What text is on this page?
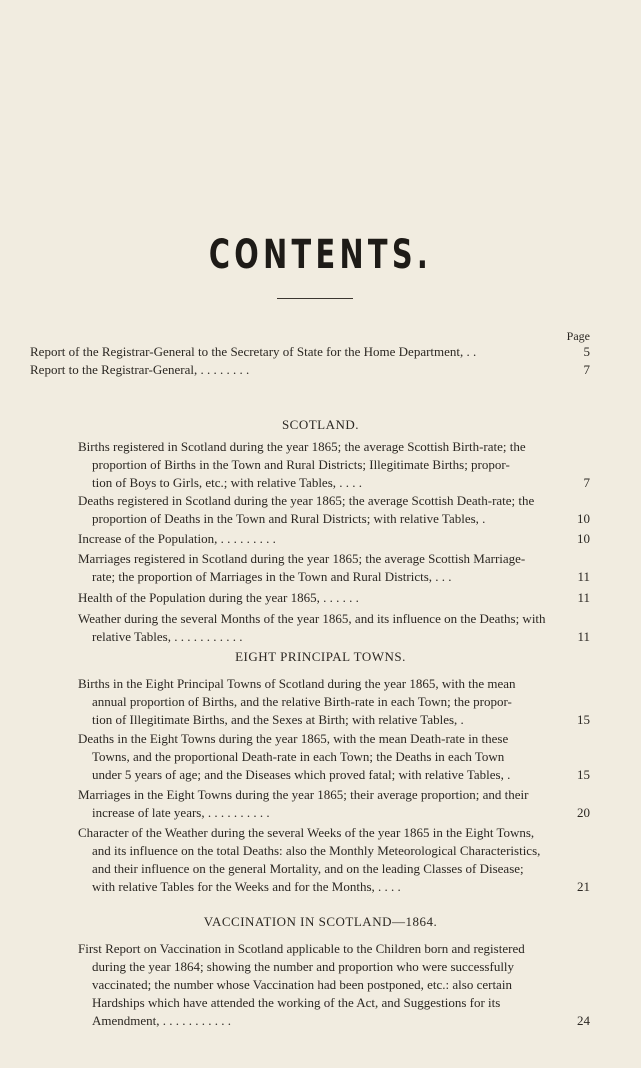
CONTENTS.
Page
Report of the Registrar-General to the Secretary of State for the Home Department, . .	5
Report to the Registrar-General, . . . . . . . .	7
SCOTLAND.
Births registered in Scotland during the year 1865; the average Scottish Birth-rate; the
proportion of Births in the Town and Rural Districts; Illegitimate Births; propor-
tion of Boys to Girls, etc.; with relative Tables, . . . .	7
Deaths registered in Scotland during the year 1865; the average Scottish Death-rate; the
proportion of Deaths in the Town and Rural Districts; with relative Tables, .	10
Increase of the Population, . . . . . . . . .	10
Marriages registered in Scotland during the year 1865; the average Scottish Marriage-
rate; the proportion of Marriages in the Town and Rural Districts, . . .	11
Health of the Population during the year 1865, . . . . . .	11
Weather during the several Months of the year 1865, and its influence on the Deaths; with
relative Tables, . . . . . . . . . . .	11
EIGHT PRINCIPAL TOWNS.
Births in the Eight Principal Towns of Scotland during the year 1865, with the mean
annual proportion of Births, and the relative Birth-rate in each Town; the propor-
tion of Illegitimate Births, and the Sexes at Birth; with relative Tables, .	15
Deaths in the Eight Towns during the year 1865, with the mean Death-rate in these
Towns, and the proportional Death-rate in each Town; the Deaths in each Town
under 5 years of age; and the Diseases which proved fatal; with relative Tables, .	15
Marriages in the Eight Towns during the year 1865; their average proportion; and their
increase of late years, . . . . . . . . . .	20
Character of the Weather during the several Weeks of the year 1865 in the Eight Towns,
and its influence on the total Deaths: also the Monthly Meteorological Characteristics,
and their influence on the general Mortality, and on the leading Classes of Disease;
with relative Tables for the Weeks and for the Months, . . . .	21
VACCINATION IN SCOTLAND—1864.
First Report on Vaccination in Scotland applicable to the Children born and registered
during the year 1864; showing the number and proportion who were successfully
vaccinated; the number whose Vaccination had been postponed, etc.: also certain
Hardships which have attended the working of the Act, and Suggestions for its
Amendment, . . . . . . . . . . .	24
